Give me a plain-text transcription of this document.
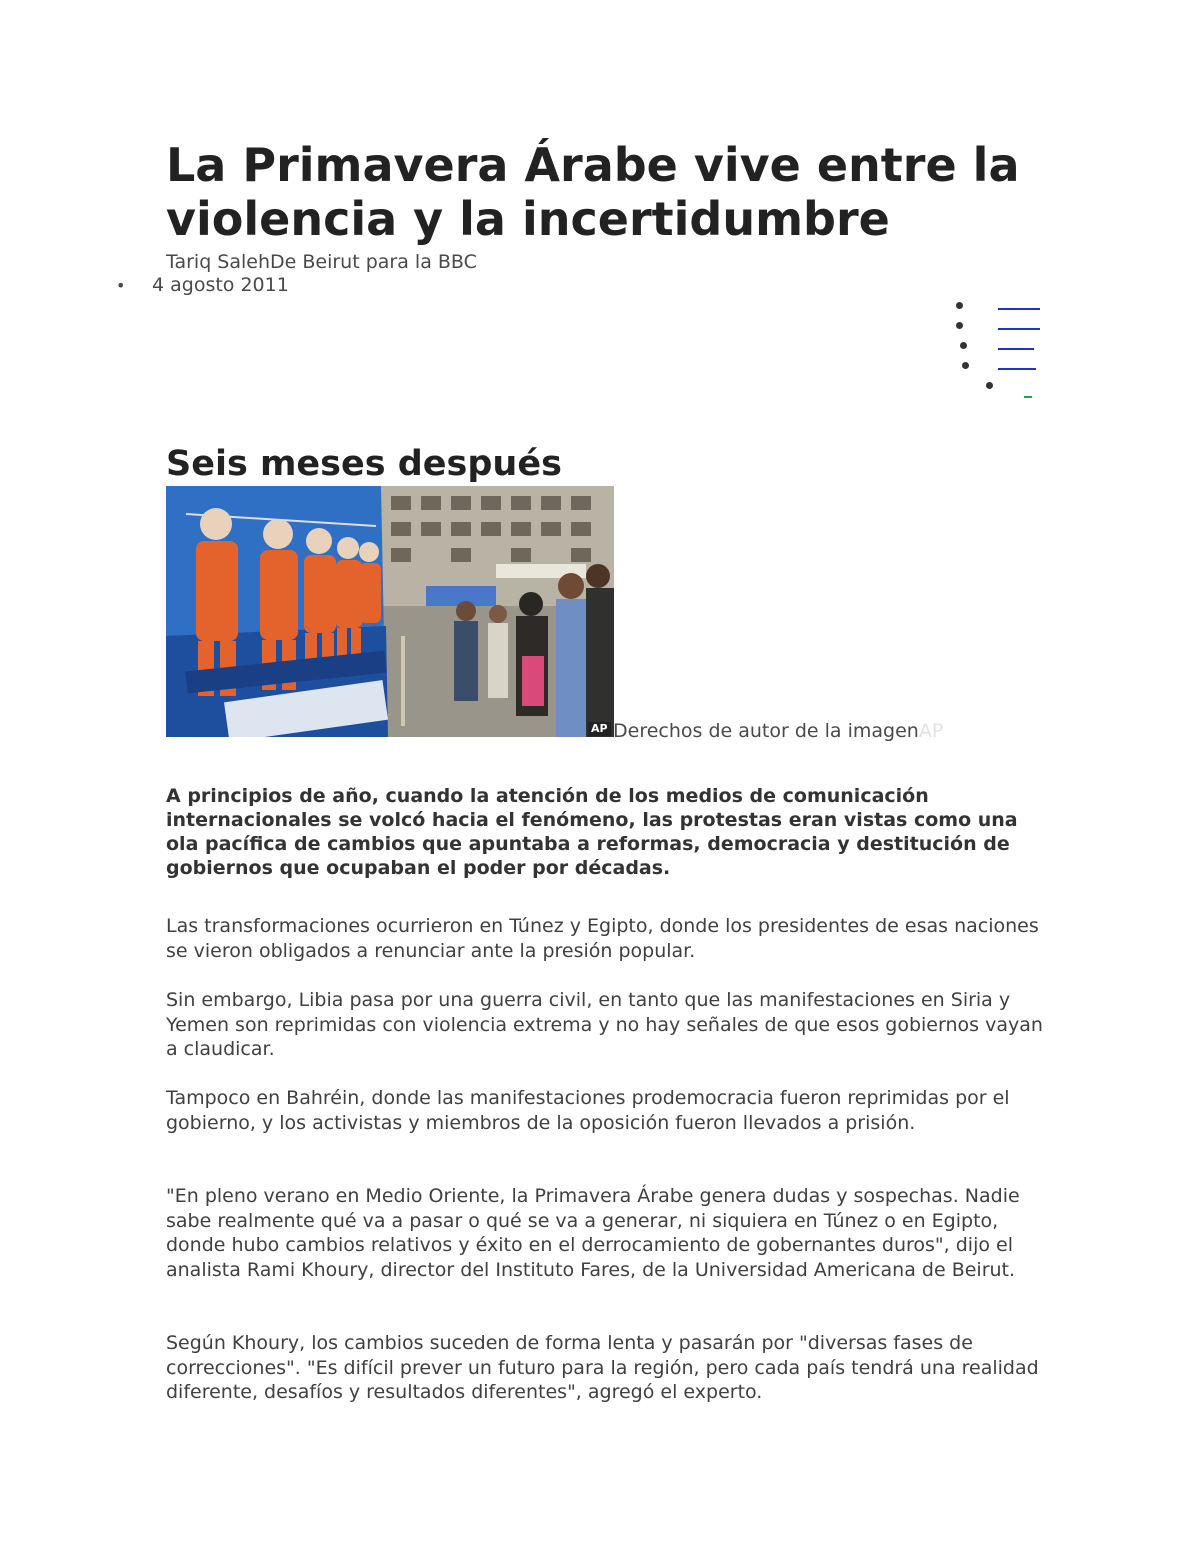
La Primavera Árabe vive entre la violencia y la incertidumbre
Tariq SalehDe Beirut para la BBC
• 4 agosto 2011
Seis meses después
AP Derechos de autor de la imagenAP

A principios de año, cuando la atención de los medios de comunicación internacionales se volcó hacia el fenómeno, las protestas eran vistas como una ola pacífica de cambios que apuntaba a reformas, democracia y destitución de gobiernos que ocupaban el poder por décadas.

Las transformaciones ocurrieron en Túnez y Egipto, donde los presidentes de esas naciones se vieron obligados a renunciar ante la presión popular.

Sin embargo, Libia pasa por una guerra civil, en tanto que las manifestaciones en Siria y Yemen son reprimidas con violencia extrema y no hay señales de que esos gobiernos vayan a claudicar.

Tampoco en Bahréin, donde las manifestaciones prodemocracia fueron reprimidas por el gobierno, y los activistas y miembros de la oposición fueron llevados a prisión.

"En pleno verano en Medio Oriente, la Primavera Árabe genera dudas y sospechas. Nadie sabe realmente qué va a pasar o qué se va a generar, ni siquiera en Túnez o en Egipto, donde hubo cambios relativos y éxito en el derrocamiento de gobernantes duros", dijo el analista Rami Khoury, director del Instituto Fares, de la Universidad Americana de Beirut.

Según Khoury, los cambios suceden de forma lenta y pasarán por "diversas fases de correcciones". "Es difícil prever un futuro para la región, pero cada país tendrá una realidad diferente, desafíos y resultados diferentes", agregó el experto.
